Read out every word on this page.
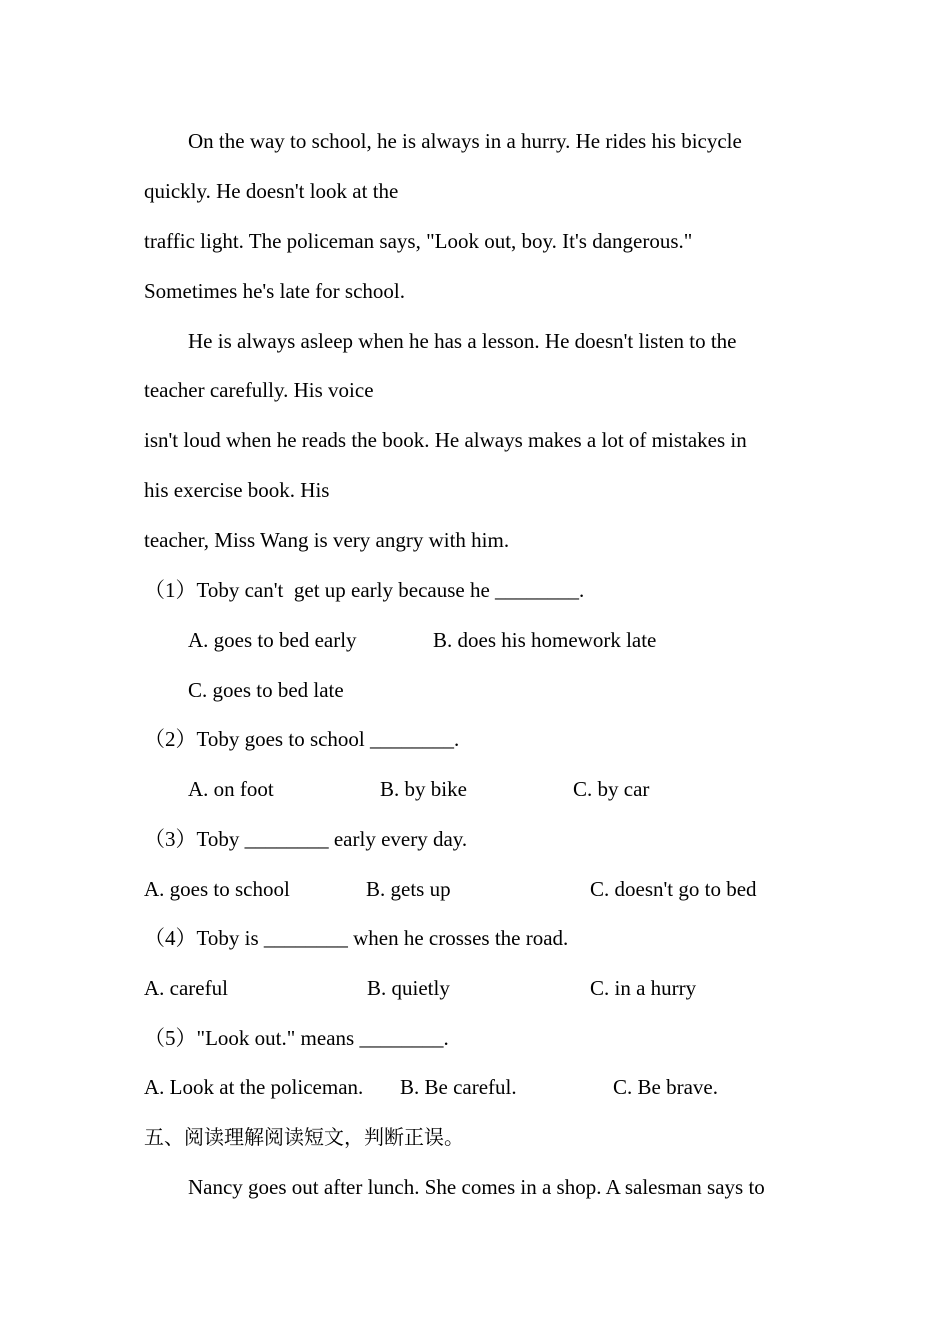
On the way to school, he is always in a hurry. He rides his bicycle
quickly. He doesn't look at the
traffic light. The policeman says, "Look out, boy. It's dangerous."
Sometimes he's late for school.
He is always asleep when he has a lesson. He doesn't listen to the
teacher carefully. His voice
isn't loud when he reads the book. He always makes a lot of mistakes in
his exercise book. His
teacher, Miss Wang is very angry with him.
（1）Toby can't  get up early because he ________.
A. goes to bed early	B. does his homework late
C. goes to bed late
（2）Toby goes to school ________.
A. on foot	B. by bike	C. by car
（3）Toby ________ early every day.
A. goes to school	B. gets up	C. doesn't go to bed
（4）Toby is ________ when he crosses the road.
A. careful	B. quietly	C. in a hurry
（5）"Look out." means ________.
A. Look at the policeman. B. Be careful.	C. Be brave.
五、阅读理解阅读短文，判断正误。
Nancy goes out after lunch. She comes in a shop. A salesman says to
